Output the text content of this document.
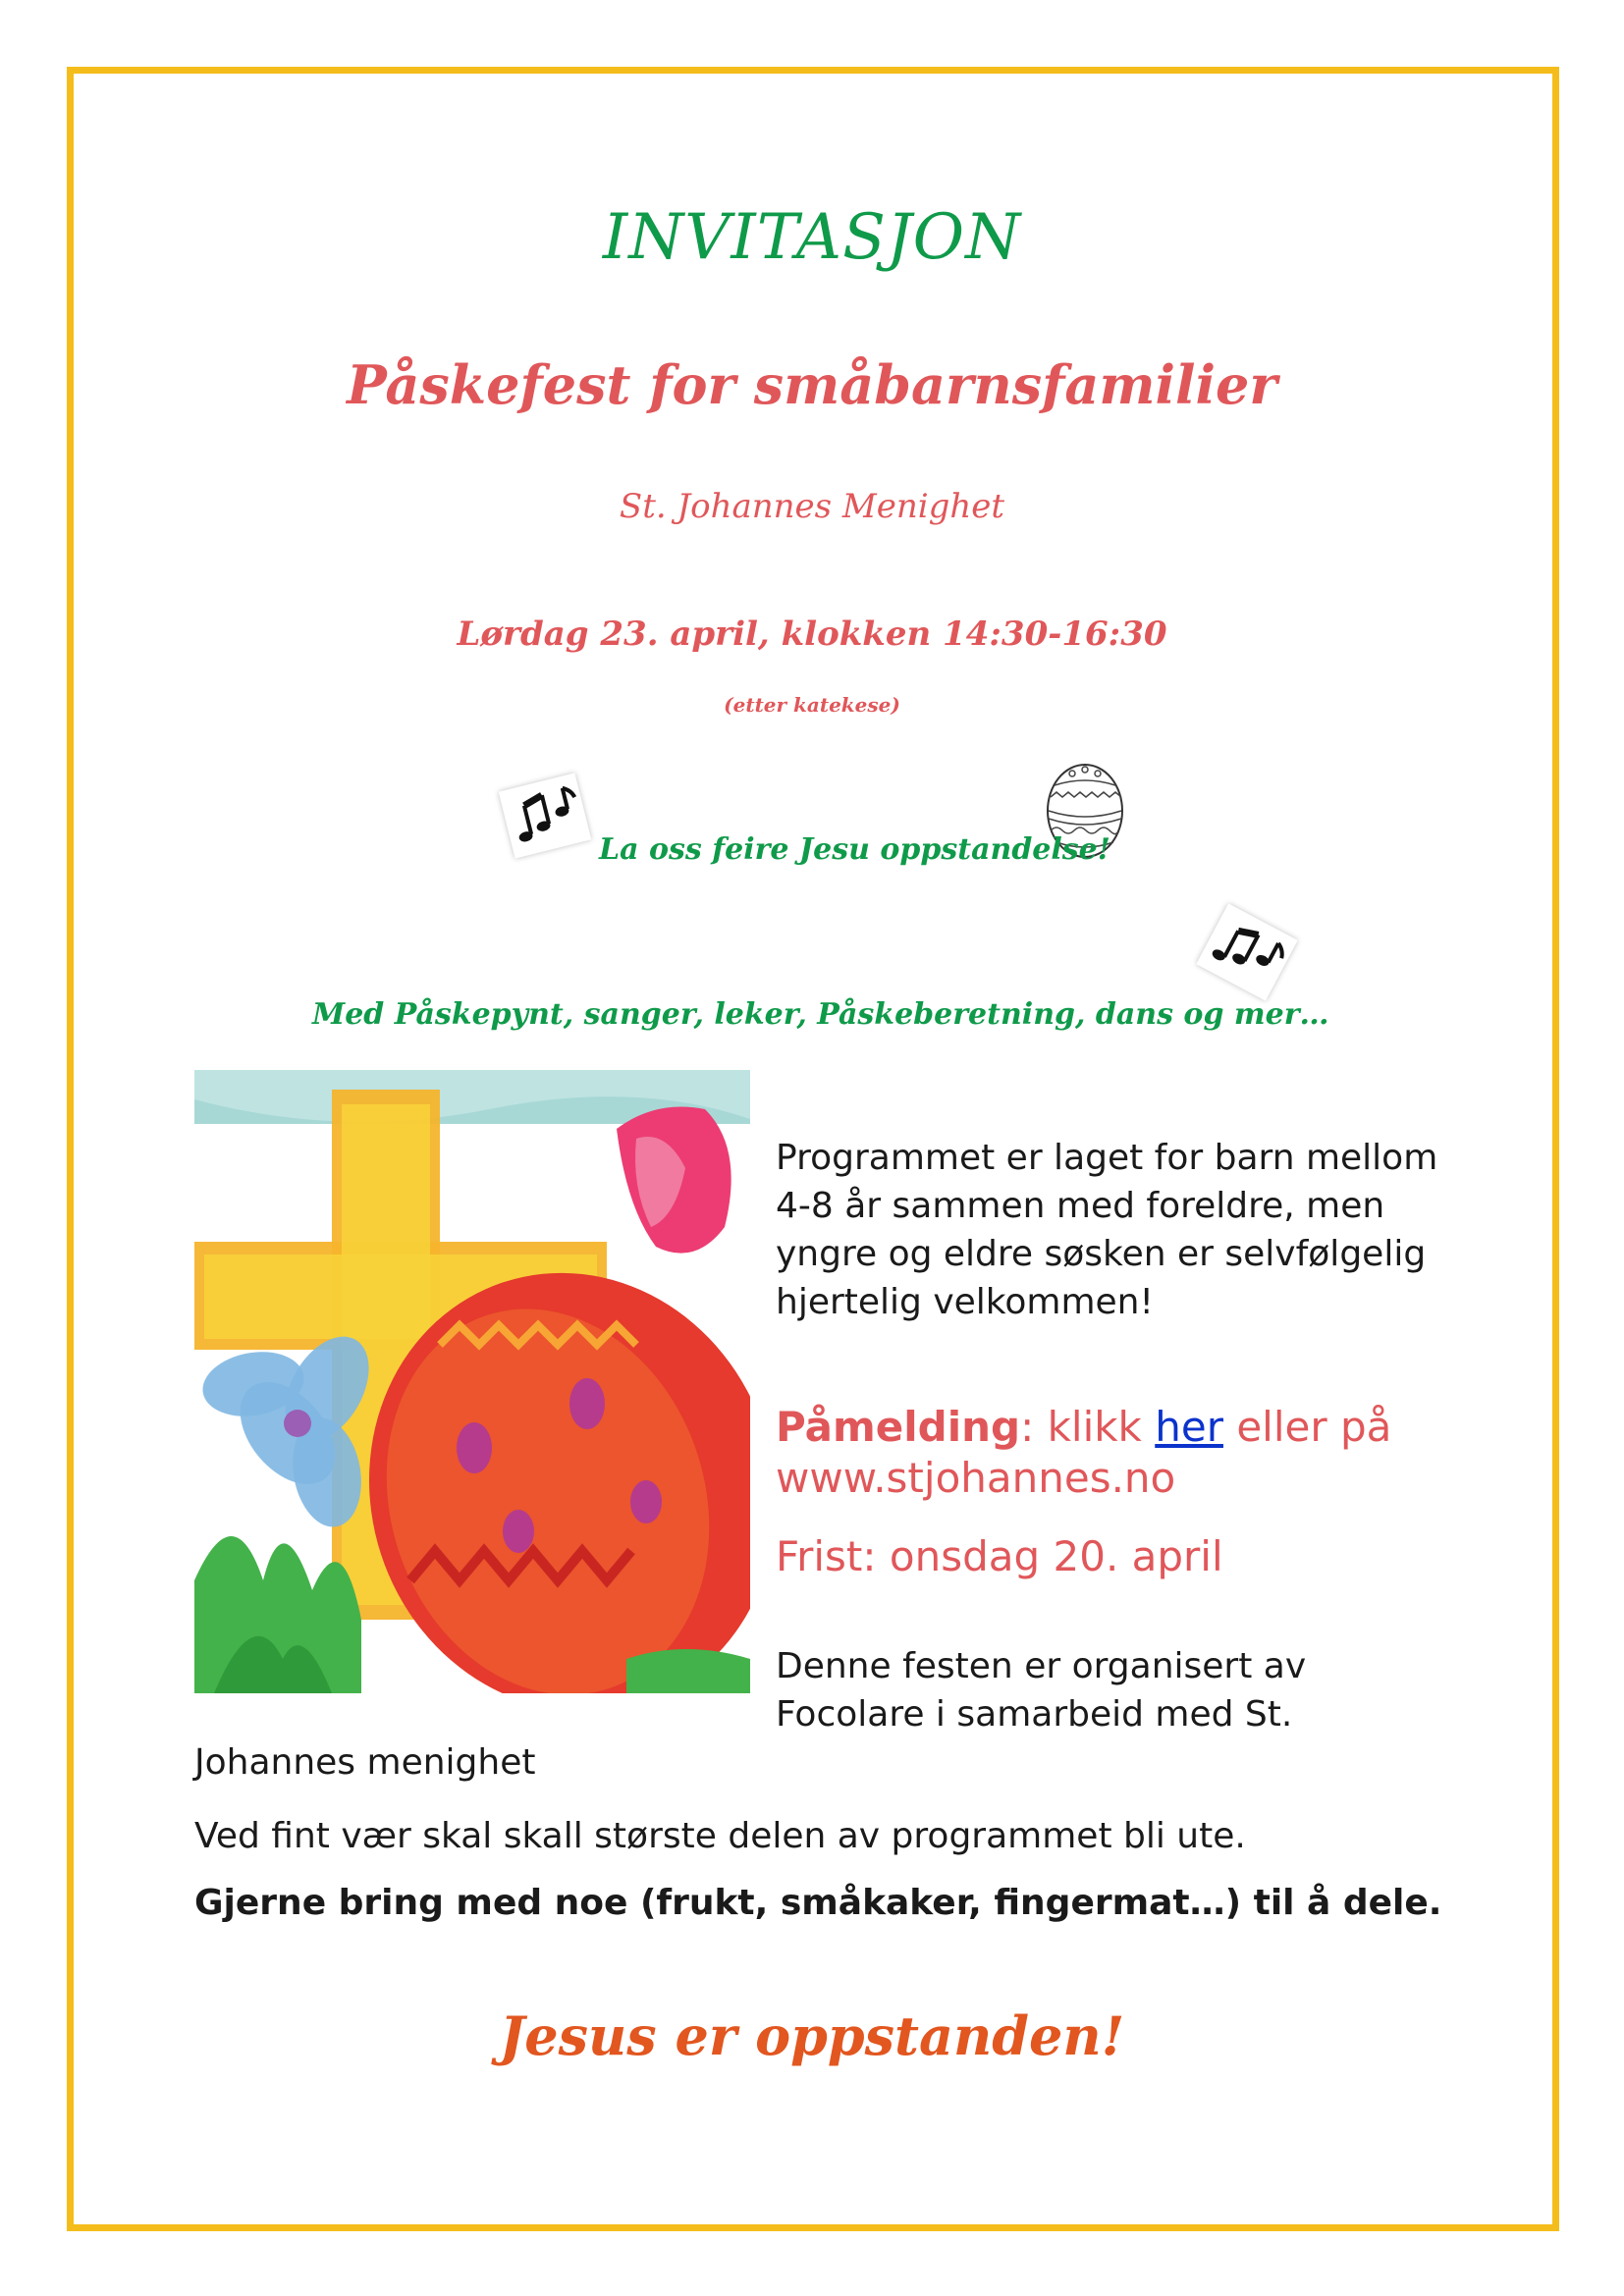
INVITASJON
Påskefest for småbarnsfamilier
St. Johannes Menighet
Lørdag 23. april, klokken 14:30-16:30
(etter katekese)
La oss feire Jesu oppstandelse!
Med Påskepynt, sanger, leker, Påskeberetning, dans og mer…
Programmet er laget for barn mellom 4-8 år sammen med foreldre, men yngre og eldre søsken er selvfølgelig hjertelig velkommen!
Påmelding: klikk her eller på www.stjohannes.no
Frist: onsdag 20. april
Denne festen er organisert av Focolare i samarbeid med St.
Johannes menighet
Ved fint vær skal skall største delen av programmet bli ute.
Gjerne bring med noe (frukt, småkaker, fingermat…) til å dele.
Jesus er oppstanden!
